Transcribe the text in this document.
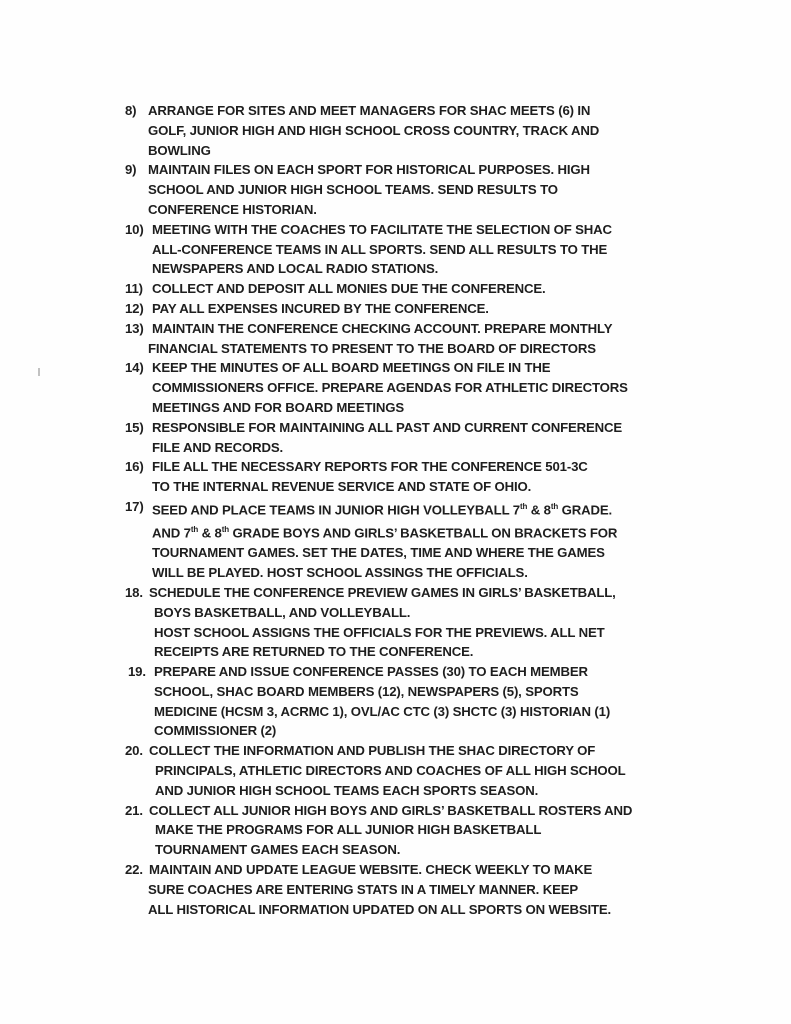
8) ARRANGE FOR SITES AND MEET MANAGERS FOR SHAC MEETS (6) IN
GOLF, JUNIOR HIGH AND HIGH SCHOOL CROSS COUNTRY, TRACK AND
BOWLING
9) MAINTAIN FILES ON EACH SPORT FOR HISTORICAL PURPOSES. HIGH
SCHOOL AND JUNIOR HIGH SCHOOL TEAMS. SEND RESULTS TO
CONFERENCE HISTORIAN.
10) MEETING WITH THE COACHES TO FACILITATE THE SELECTION OF SHAC
ALL-CONFERENCE TEAMS IN ALL SPORTS. SEND ALL RESULTS TO THE
NEWSPAPERS AND LOCAL RADIO STATIONS.
11) COLLECT AND DEPOSIT ALL MONIES DUE THE CONFERENCE.
12) PAY ALL EXPENSES INCURED BY THE CONFERENCE.
13) MAINTAIN THE CONFERENCE CHECKING ACCOUNT. PREPARE MONTHLY
FINANCIAL STATEMENTS TO PRESENT TO THE BOARD OF DIRECTORS
14) KEEP THE MINUTES OF ALL BOARD MEETINGS ON FILE IN THE
COMMISSIONERS OFFICE. PREPARE AGENDAS FOR ATHLETIC DIRECTORS
MEETINGS AND FOR BOARD MEETINGS
15) RESPONSIBLE FOR MAINTAINING ALL PAST AND CURRENT CONFERENCE
FILE AND RECORDS.
16) FILE ALL THE NECESSARY REPORTS FOR THE CONFERENCE 501-3C
TO THE INTERNAL REVENUE SERVICE AND STATE OF OHIO.
17) SEED AND PLACE TEAMS IN JUNIOR HIGH VOLLEYBALL 7th & 8th GRADE.
AND 7th & 8th GRADE BOYS AND GIRLS’ BASKETBALL ON BRACKETS FOR
TOURNAMENT GAMES. SET THE DATES, TIME AND WHERE THE GAMES
WILL BE PLAYED. HOST SCHOOL ASSINGS THE OFFICIALS.
18. SCHEDULE THE CONFERENCE PREVIEW GAMES IN GIRLS’ BASKETBALL,
BOYS BASKETBALL, AND VOLLEYBALL.
HOST SCHOOL ASSIGNS THE OFFICIALS FOR THE PREVIEWS. ALL NET
RECEIPTS ARE RETURNED TO THE CONFERENCE.
19. PREPARE AND ISSUE CONFERENCE PASSES (30) TO EACH MEMBER
SCHOOL, SHAC BOARD MEMBERS (12), NEWSPAPERS (5), SPORTS
MEDICINE (HCSM 3, ACRMC 1), OVL/AC CTC (3) SHCTC (3) HISTORIAN (1)
COMMISSIONER (2)
20. COLLECT THE INFORMATION AND PUBLISH THE SHAC DIRECTORY OF
PRINCIPALS, ATHLETIC DIRECTORS AND COACHES OF ALL HIGH SCHOOL
AND JUNIOR HIGH SCHOOL TEAMS EACH SPORTS SEASON.
21. COLLECT ALL JUNIOR HIGH BOYS AND GIRLS’ BASKETBALL ROSTERS AND
MAKE THE PROGRAMS FOR ALL JUNIOR HIGH BASKETBALL
TOURNAMENT GAMES EACH SEASON.
22. MAINTAIN AND UPDATE LEAGUE WEBSITE. CHECK WEEKLY TO MAKE
SURE COACHES ARE ENTERING STATS IN A TIMELY MANNER. KEEP
ALL HISTORICAL INFORMATION UPDATED ON ALL SPORTS ON WEBSITE.
